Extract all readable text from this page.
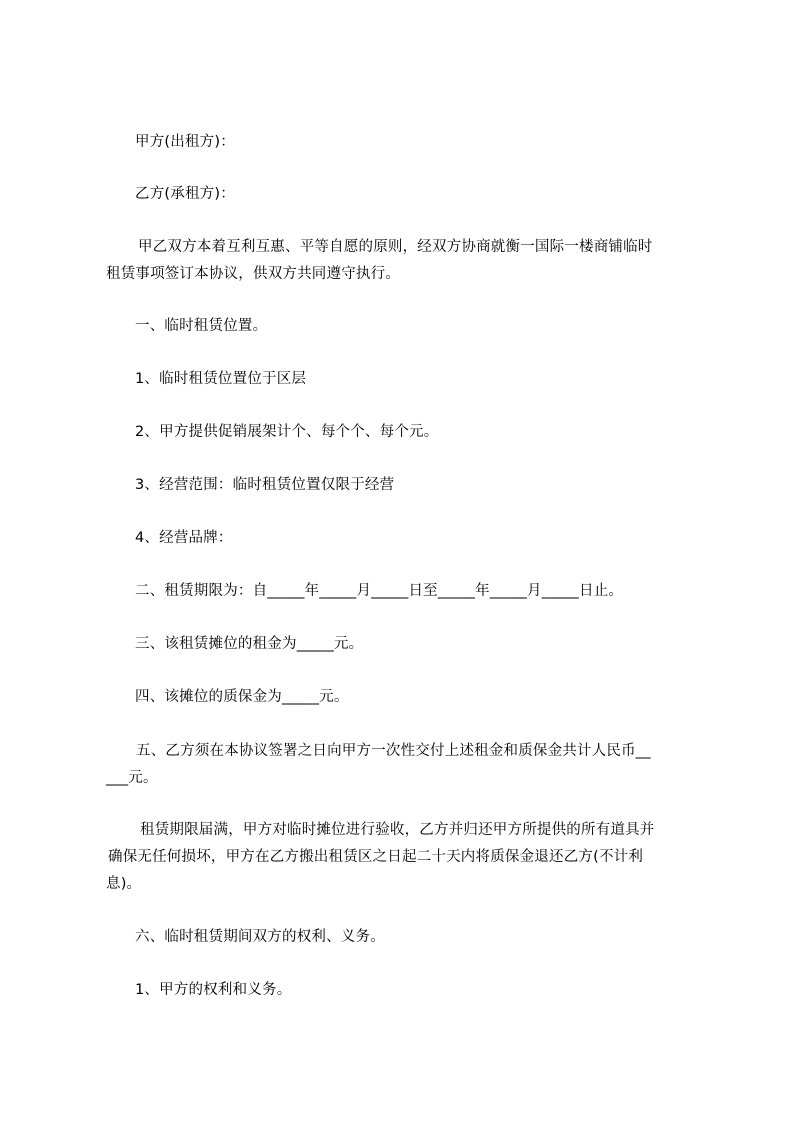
甲方(出租方)：
乙方(承租方)：
甲乙双方本着互利互惠、平等自愿的原则，经双方协商就衡一国际一楼商铺临时
租赁事项签订本协议，供双方共同遵守执行。
一、临时租赁位置。
1、临时租赁位置位于区层
2、甲方提供促销展架计个、每个个、每个元。
3、经营范围：临时租赁位置仅限于经营
4、经营品牌：
二、租赁期限为：自_____年_____月_____日至_____年_____月_____日止。
三、该租赁摊位的租金为_____元。
四、该摊位的质保金为_____元。
五、乙方须在本协议签署之日向甲方一次性交付上述租金和质保金共计人民币__
___元。
租赁期限届满，甲方对临时摊位进行验收，乙方并归还甲方所提供的所有道具并
确保无任何损坏，甲方在乙方搬出租赁区之日起二十天内将质保金退还乙方(不计利
息)。
六、临时租赁期间双方的权利、义务。
1、甲方的权利和义务。
